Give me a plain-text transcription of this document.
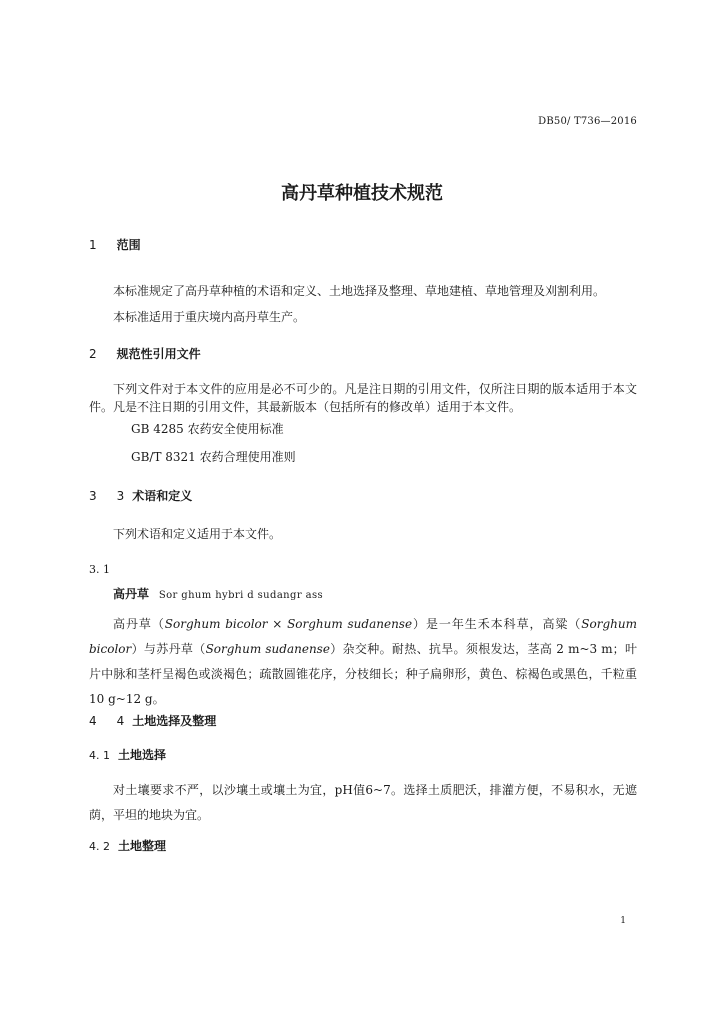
DB50/ T736—2016
高丹草种植技术规范
1 范围
本标准规定了高丹草种植的术语和定义、土地选择及整理、草地建植、草地管理及刈割利用。
本标准适用于重庆境内高丹草生产。
2 规范性引用文件
下列文件对于本文件的应用是必不可少的。凡是注日期的引用文件，仅所注日期的版本适用于本文件。凡是不注日期的引用文件，其最新版本（包括所有的修改单）适用于本文件。
GB 4285 农药安全使用标准
GB/T 8321 农药合理使用准则
3 3 术语和定义
下列术语和定义适用于本文件。
3. 1
高丹草 Sor ghum hybri d sudangr ass
高丹草（Sorghum bicolor × Sorghum sudanense）是一年生禾本科草，高粱（Sorghum bicolor）与苏丹草（Sorghum sudanense）杂交种。耐热、抗旱。须根发达，茎高 2 m~3 m；叶片中脉和茎杆呈褐色或淡褐色；疏散圆锥花序，分枝细长；种子扁卵形，黄色、棕褐色或黑色，千粒重 10 g~12 g。
4 4 土地选择及整理
4. 1 土地选择
对土壤要求不严，以沙壤土或壤土为宜，pH值6~7。选择土质肥沃，排灌方便，不易积水，无遮荫，平坦的地块为宜。
4. 2 土地整理
1
